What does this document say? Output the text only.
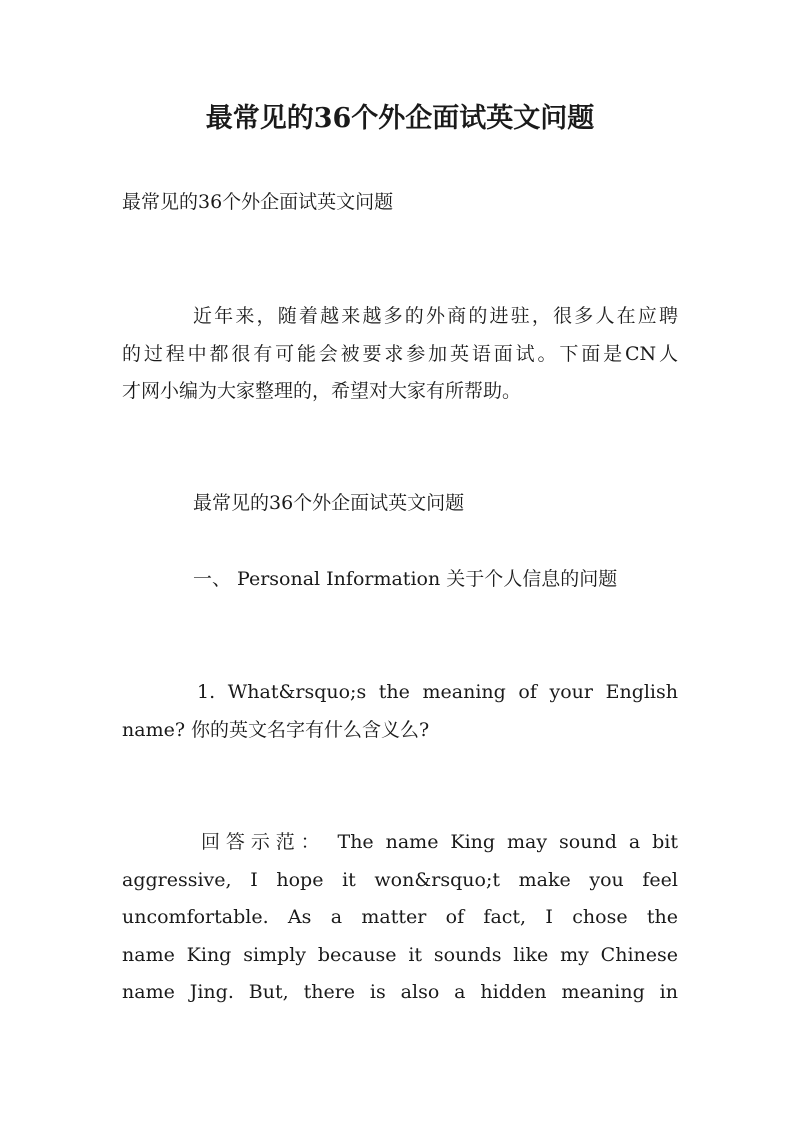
最常见的36个外企面试英文问题

最常见的36个外企面试英文问题

近年来，随着越来越多的外商的进驻，很多人在应聘

的过程中都很有可能会被要求参加英语面试。下面是CN人

才网小编为大家整理的，希望对大家有所帮助。

最常见的36个外企面试英文问题

一、 Personal Information 关于个人信息的问题

1. What&rsquo;s the meaning of your English

name? 你的英文名字有什么含义么?

回答示范： The name King may sound a bit

aggressive, I hope it won&rsquo;t make you feel

uncomfortable. As a matter of fact, I chose the

name King simply because it sounds like my Chinese

name Jing. But, there is also a hidden meaning in
